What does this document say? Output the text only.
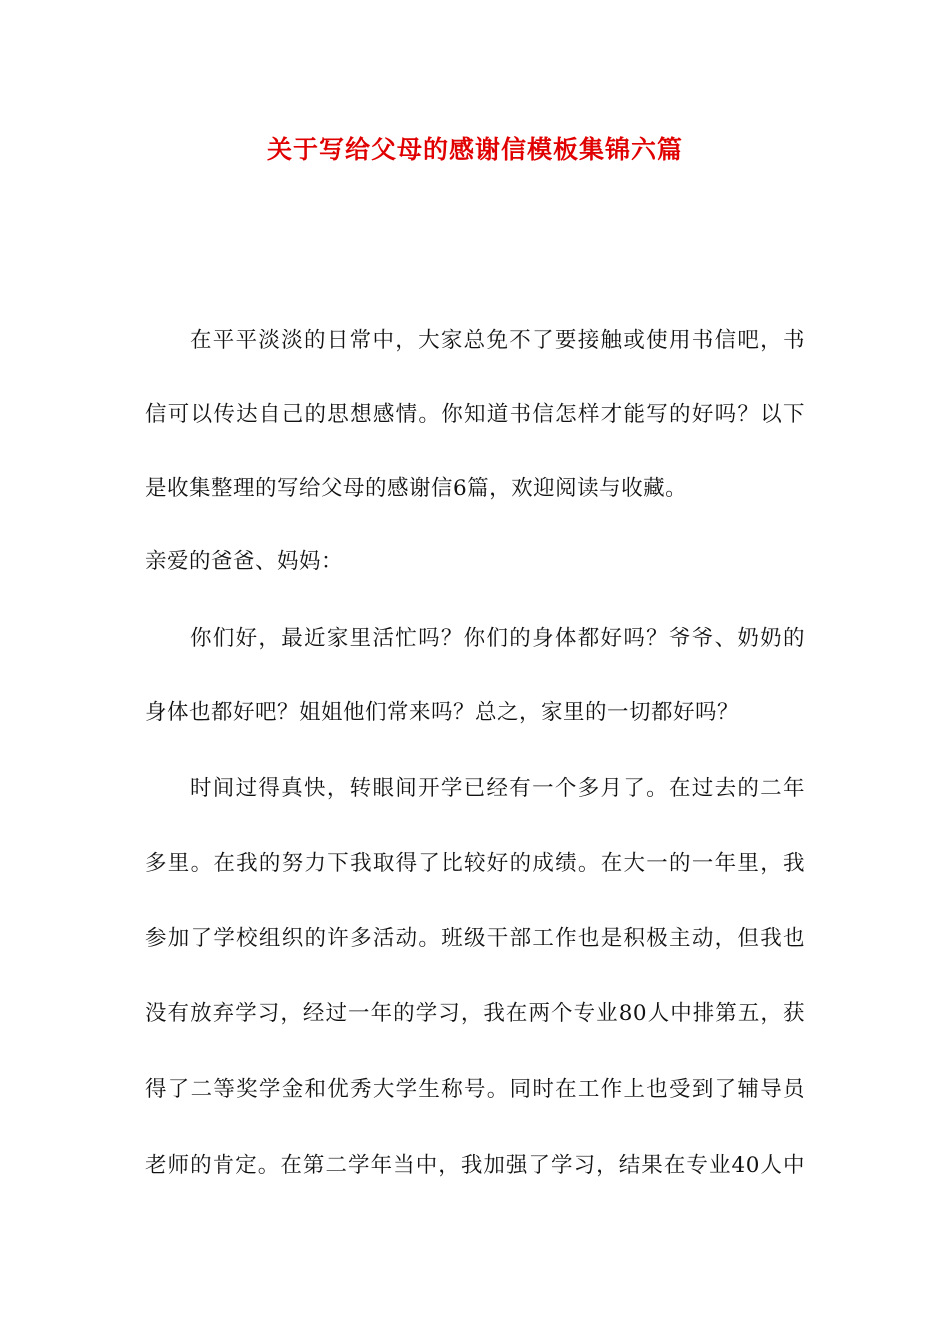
关于写给父母的感谢信模板集锦六篇
在平平淡淡的日常中，大家总免不了要接触或使用书信吧，书
信可以传达自己的思想感情。你知道书信怎样才能写的好吗？以下
是收集整理的写给父母的感谢信6篇，欢迎阅读与收藏。
亲爱的爸爸、妈妈：
你们好，最近家里活忙吗？你们的身体都好吗？爷爷、奶奶的
身体也都好吧？姐姐他们常来吗？总之，家里的一切都好吗？
时间过得真快，转眼间开学已经有一个多月了。在过去的二年
多里。在我的努力下我取得了比较好的成绩。在大一的一年里，我
参加了学校组织的许多活动。班级干部工作也是积极主动，但我也
没有放弃学习，经过一年的学习，我在两个专业80人中排第五，获
得了二等奖学金和优秀大学生称号。同时在工作上也受到了辅导员
老师的肯定。在第二学年当中，我加强了学习，结果在专业40人中
